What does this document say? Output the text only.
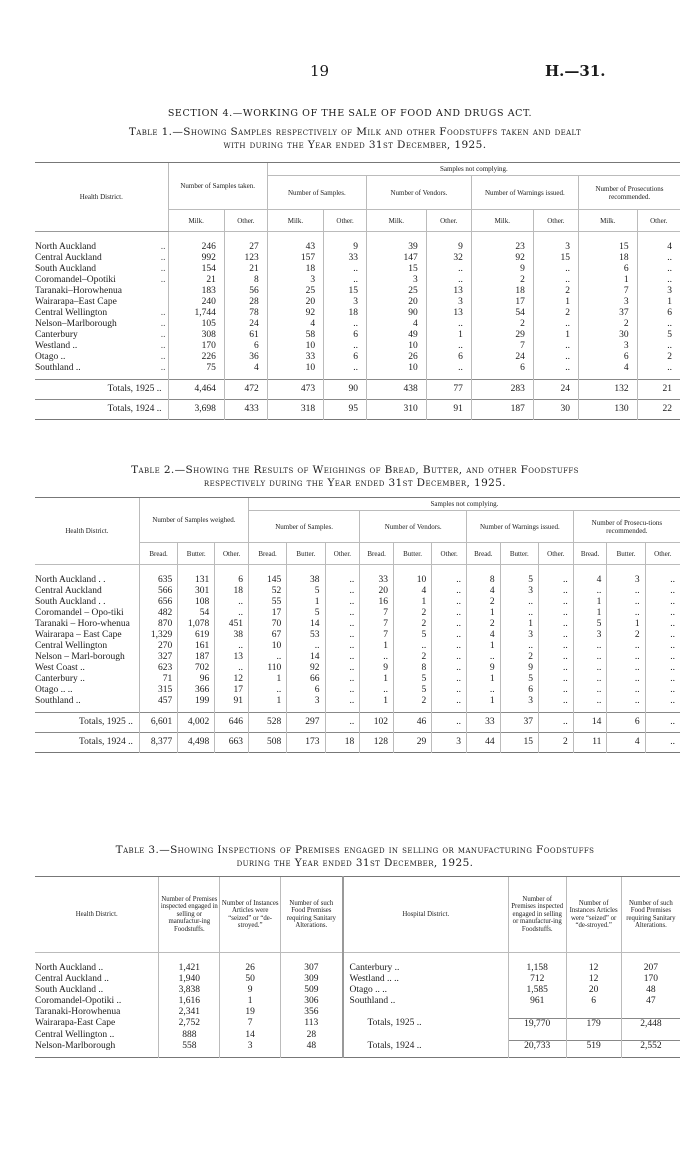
19	H.—31.
SECTION 4.—WORKING OF THE SALE OF FOOD AND DRUGS ACT.
Table 1.—Showing Samples respectively of Milk and other Foodstuffs taken and dealt
with during the Year ended 31st December, 1925.
Health District.	Number of Samples taken.		Samples not complying.							
			Number of Samples.		Number of Vendors.		Number of Warnings issued.		Number of Prosecutions recommended.	
	Milk.	Other.	Milk.	Other.	Milk.	Other.	Milk.	Other.	Milk.	Other.
North Auckland ..	246	27	43	9	39	9	23	3	15	4
Central Auckland ..	992	123	157	33	147	32	92	15	18	..
South Auckland ..	154	21	18	..	15	..	9	..	6	..
Coromandel–Opotiki ..	21	8	3	..	3	..	2	..	1	..
Taranaki–Horowhenua	183	56	25	15	25	13	18	2	7	3
Wairarapa–East Cape	240	28	20	3	20	3	17	1	3	1
Central Wellington ..	1,744	78	92	18	90	13	54	2	37	6
Nelson–Marlborough ..	105	24	4	..	4	..	2	..	2	..
Canterbury ..	308	61	58	6	49	1	29	1	30	5
Westland .. ..	170	6	10	..	10	..	7	..	3	..
Otago .. ..	226	36	33	6	26	6	24	..	6	2
Southland .. ..	75	4	10	..	10	..	6	..	4	..
Totals, 1925 ..	4,464	472	473	90	438	77	283	24	132	21
Totals, 1924 ..	3,698	433	318	95	310	91	187	30	130	22
Table 2.—Showing the Results of Weighings of Bread, Butter, and other Foodstuffs
respectively during the Year ended 31st December, 1925.
Health District.	Number of Samples weighed.			Samples not complying.											
				Number of Samples.			Number of Vendors.			Number of Warnings issued.			Number of Prosecu-tions recommended.		
	Bread.	Butter.	Other.	Bread.	Butter.	Other.	Bread.	Butter.	Other.	Bread.	Butter.	Other.	Bread.	Butter.	Other.
North Auckland . .	635	131	6	145	38	..	33	10	..	8	5	..	4	3	..
Central Auckland	566	301	18	52	5	..	20	4	..	4	3	..	..	..	..
South Auckland . .	656	108	..	55	1	..	16	1	..	2	..	..	1	..	..
Coromandel – Opo-tiki	482	54	..	17	5	..	7	2	..	1	..	..	1	..	..
Taranaki – Horo-whenua	870	1,078	451	70	14	..	7	2	..	2	1	..	5	1	..
Wairarapa – East Cape	1,329	619	38	67	53	..	7	5	..	4	3	..	3	2	..
Central Wellington	270	161	..	10	..	..	1	..	..	1	..	..	..	..	..
Nelson – Marl-borough	327	187	13	..	14	..	..	2	..	..	2	..	..	..	..
West Coast ..	623	702	..	110	92	..	9	8	..	9	9	..	..	..	..
Canterbury ..	71	96	12	1	66	..	1	5	..	1	5	..	..	..	..
Otago .. ..	315	366	17	..	6	..	..	5	..	..	6	..	..	..	..
Southland ..	457	199	91	1	3	..	1	2	..	1	3	..	..	..	..
Totals, 1925 ..	6,601	4,002	646	528	297	..	102	46	..	33	37	..	14	6	..
Totals, 1924 ..	8,377	4,498	663	508	173	18	128	29	3	44	15	2	11	4	..
Table 3.—Showing Inspections of Premises engaged in selling or manufacturing Foodstuffs
during the Year ended 31st December, 1925.
Health District.	Number of Premises inspected engaged in selling or manufactur-ing Foodstuffs.	Number of Instances Articles were “seized” or “de-stroyed.”	Number of such Food Premises requiring Sanitary Alterations.	Hospital District.	Number of Premises inspected engaged in selling or manufactur-ing Foodstuffs.	Number of Instances Articles were “seized” or “de-stroyed.”	Number of such Food Premises requiring Sanitary Alterations.
North Auckland ..	1,421	26	307	Canterbury ..	1,158	12	207
Central Auckland ..	1,940	50	309	Westland .. ..	712	12	170
South Auckland ..	3,838	9	509	Otago .. ..	1,585	20	48
Coromandel-Opotiki ..	1,616	1	306	Southland ..	961	6	47
Taranaki-Horowhenua	2,341	19	356				
Wairarapa-East Cape	2,752	7	113	Totals, 1925 ..	19,770	179	2,448
Central Wellington ..	888	14	28				
Nelson-Marlborough	558	3	48	Totals, 1924 ..	20,733	519	2,552
